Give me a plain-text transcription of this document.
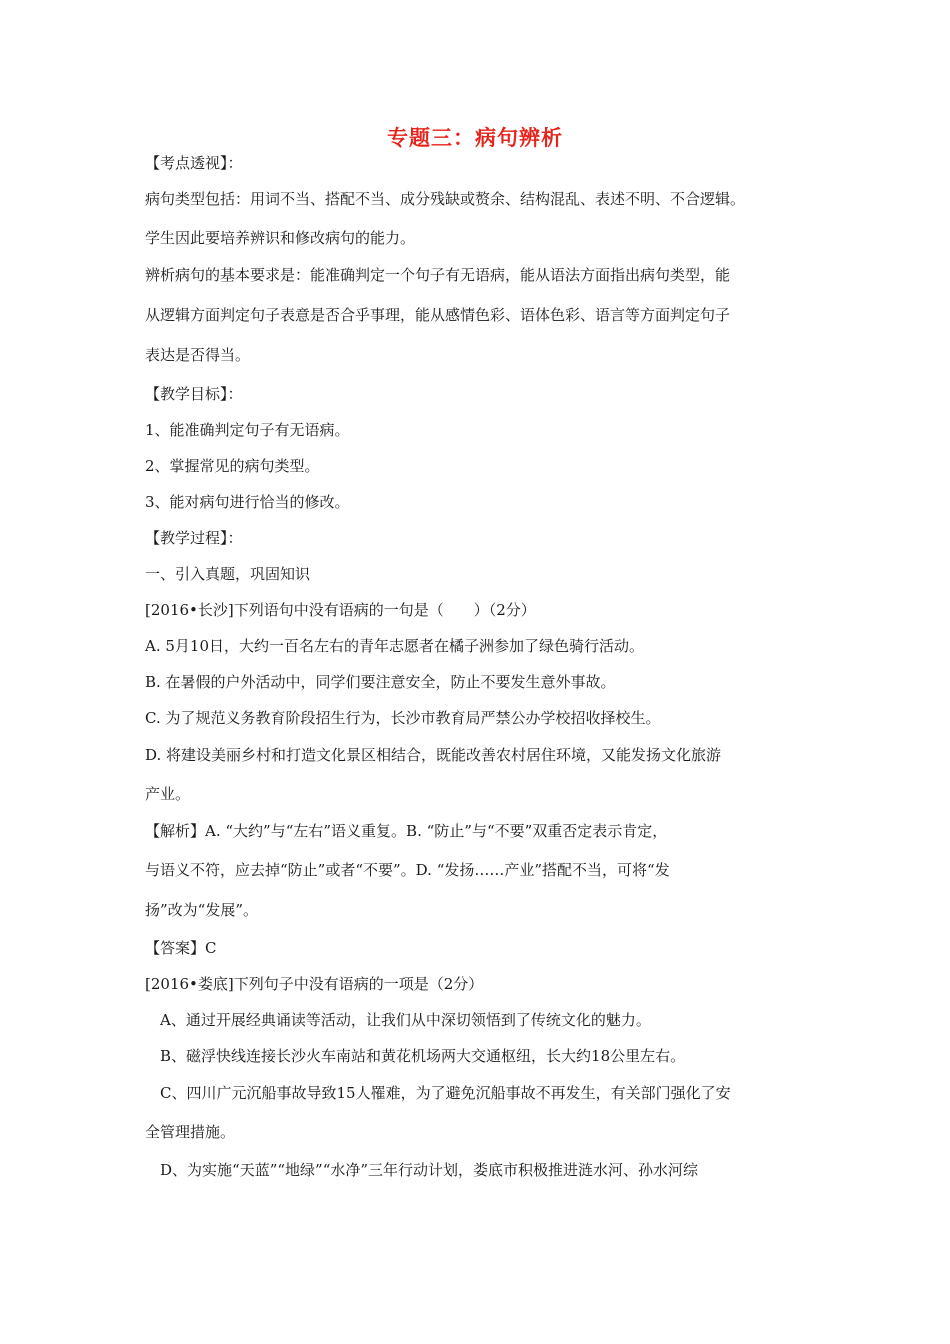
专题三：病句辨析
【考点透视】：
病句类型包括：用词不当、搭配不当、成分残缺或赘余、结构混乱、表述不明、不合逻辑。
学生因此要培养辨识和修改病句的能力。
辨析病句的基本要求是：能准确判定一个句子有无语病，能从语法方面指出病句类型，能
从逻辑方面判定句子表意是否合乎事理，能从感情色彩、语体色彩、语言等方面判定句子
表达是否得当。
【教学目标】：
1、能准确判定句子有无语病。
2、掌握常见的病句类型。
3、能对病句进行恰当的修改。
【教学过程】：
一、引入真题，巩固知识
[2016•长沙]下列语句中没有语病的一句是（　　）（2分）
A. 5月10日，大约一百名左右的青年志愿者在橘子洲参加了绿色骑行活动。
B. 在暑假的户外活动中，同学们要注意安全，防止不要发生意外事故。
C. 为了规范义务教育阶段招生行为，长沙市教育局严禁公办学校招收择校生。
D. 将建设美丽乡村和打造文化景区相结合，既能改善农村居住环境，又能发扬文化旅游
产业。
【解析】A. “大约”与“左右”语义重复。B. “防止”与“不要”双重否定表示肯定，
与语义不符，应去掉“防止”或者“不要”。D. “发扬……产业”搭配不当，可将“发
扬”改为“发展”。
【答案】C
[2016•娄底]下列句子中没有语病的一项是（2分）
A、通过开展经典诵读等活动，让我们从中深切领悟到了传统文化的魅力。
B、磁浮快线连接长沙火车南站和黄花机场两大交通枢纽，长大约18公里左右。
C、四川广元沉船事故导致15人罹难，为了避免沉船事故不再发生，有关部门强化了安
全管理措施。
D、为实施“天蓝”“地绿”“水净”三年行动计划，娄底市积极推进涟水河、孙水河综
